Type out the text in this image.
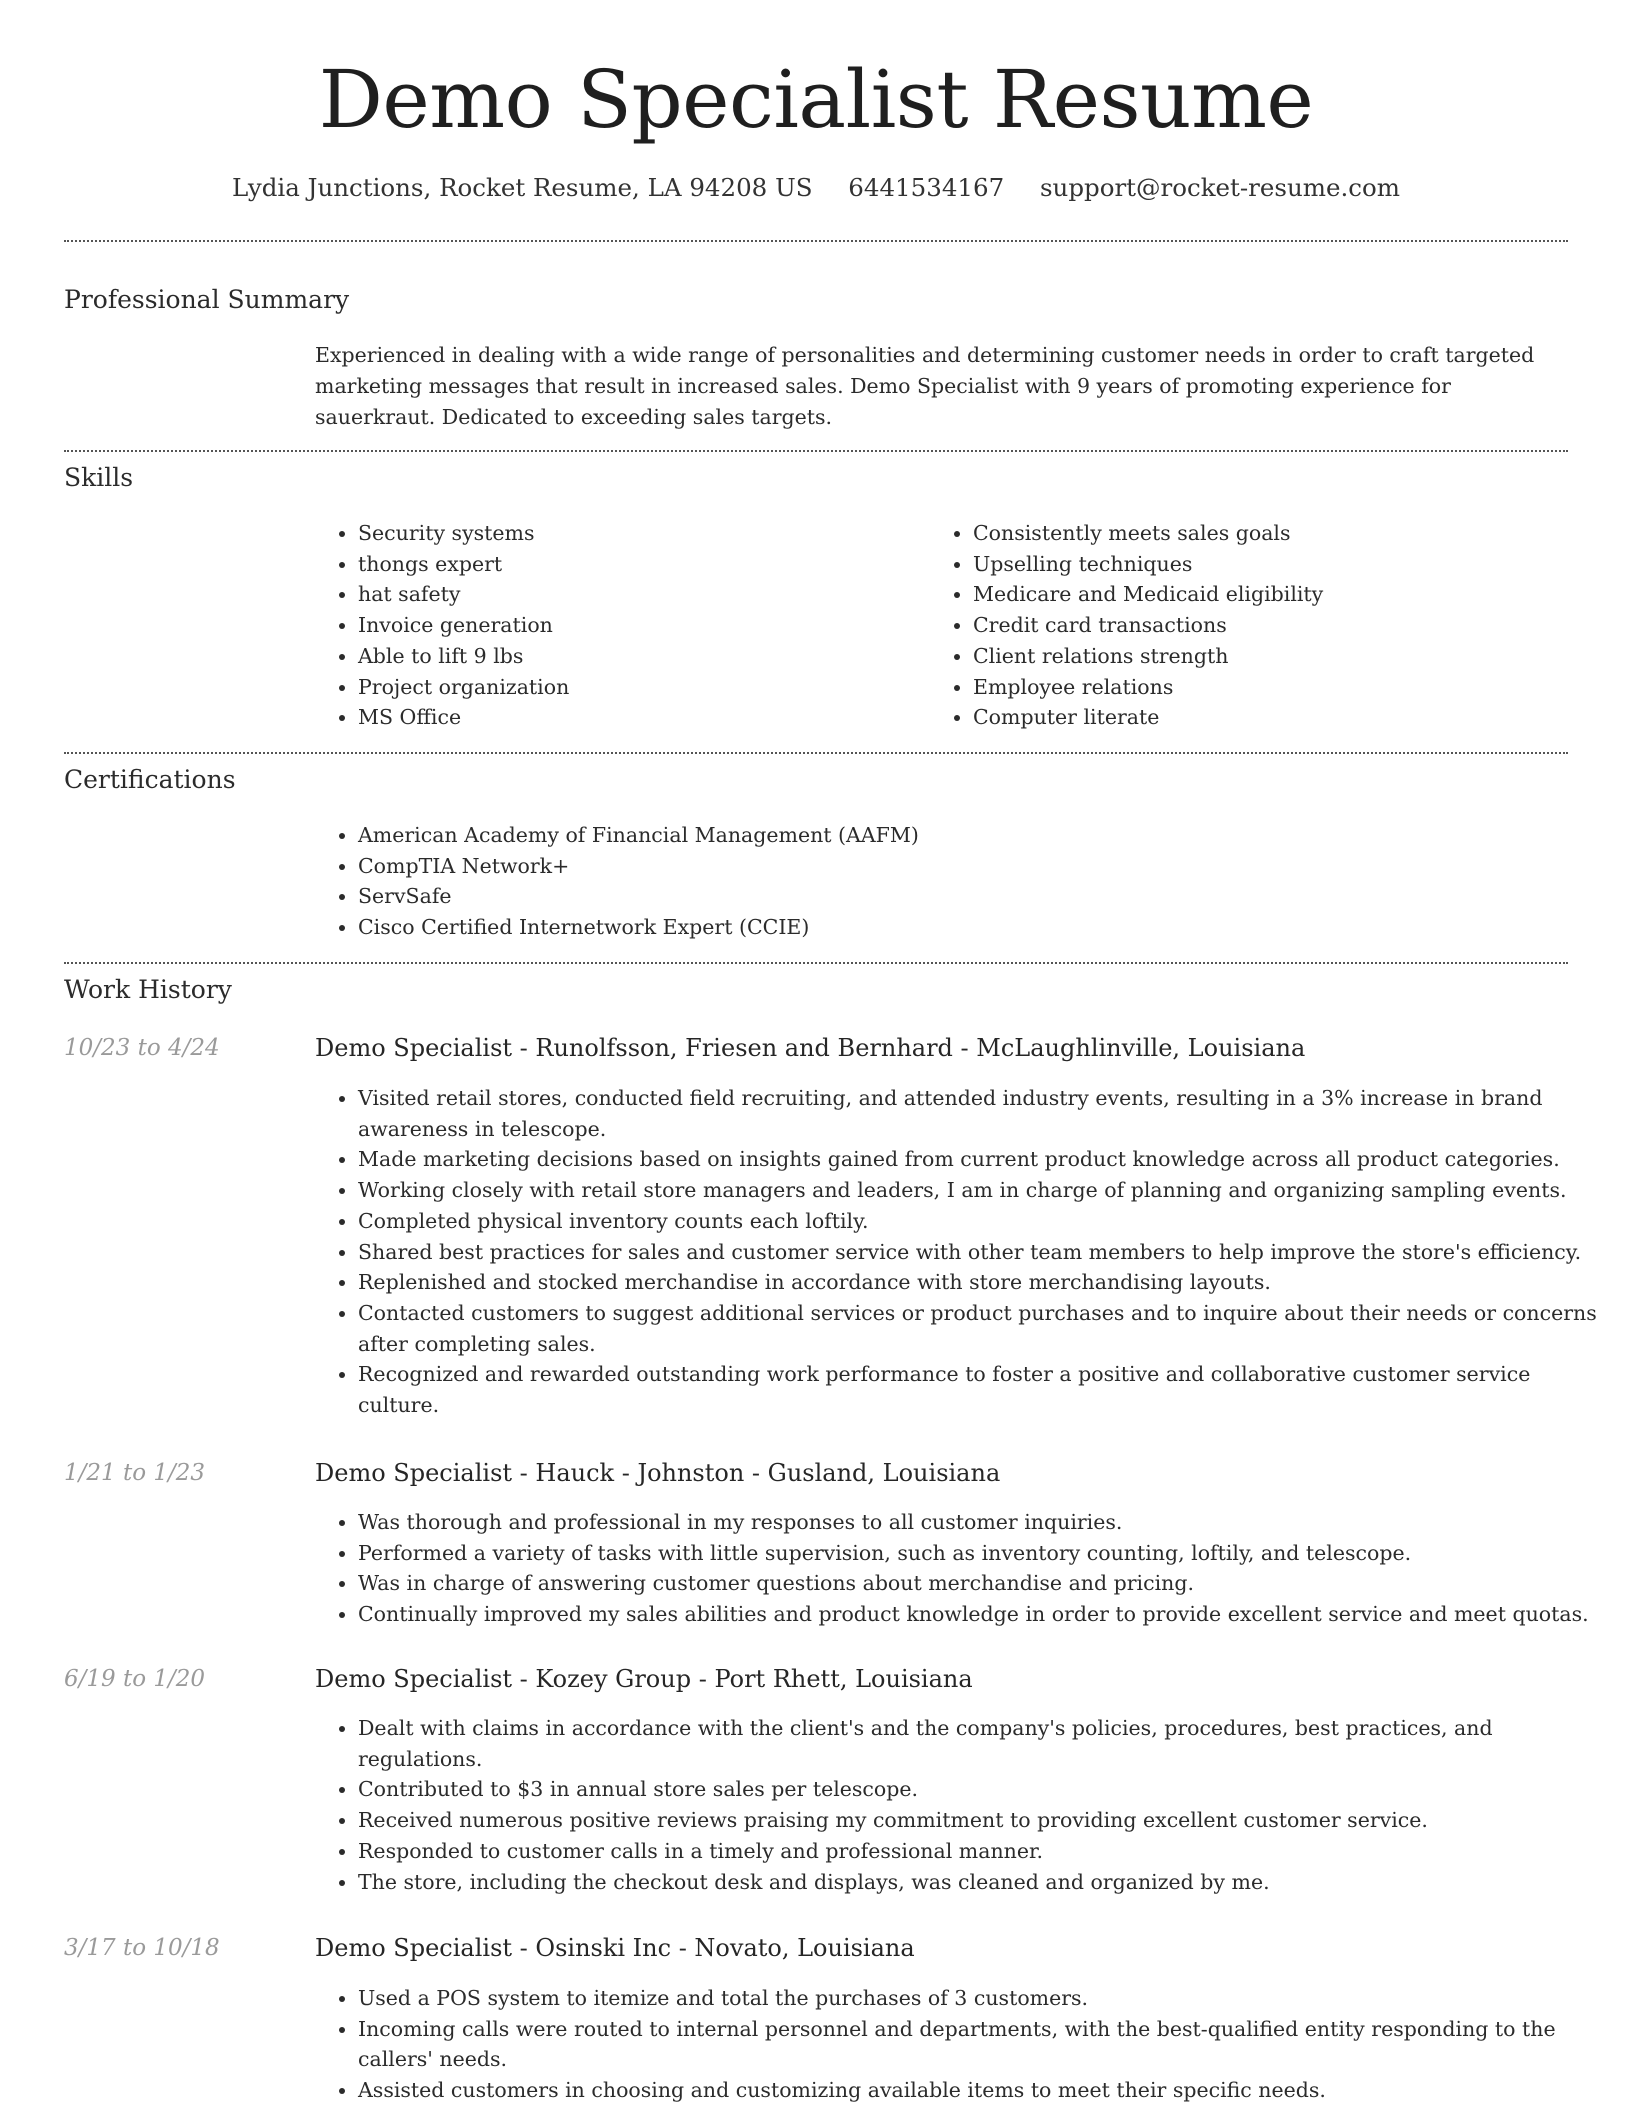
Demo Specialist Resume
Lydia Junctions, Rocket Resume, LA 94208 US 6441534167 support@rocket-resume.com
Professional Summary
Experienced in dealing with a wide range of personalities and determining customer needs in order to craft targeted marketing messages that result in increased sales. Demo Specialist with 9 years of promoting experience for sauerkraut. Dedicated to exceeding sales targets.
Skills
• Security systems
• thongs expert
• hat safety
• Invoice generation
• Able to lift 9 lbs
• Project organization
• MS Office
• Consistently meets sales goals
• Upselling techniques
• Medicare and Medicaid eligibility
• Credit card transactions
• Client relations strength
• Employee relations
• Computer literate
Certifications
• American Academy of Financial Management (AAFM)
• CompTIA Network+
• ServSafe
• Cisco Certified Internetwork Expert (CCIE)
Work History
10/23 to 4/24	Demo Specialist - Runolfsson, Friesen and Bernhard - McLaughlinville, Louisiana
• Visited retail stores, conducted field recruiting, and attended industry events, resulting in a 3% increase in brand awareness in telescope.
• Made marketing decisions based on insights gained from current product knowledge across all product categories.
• Working closely with retail store managers and leaders, I am in charge of planning and organizing sampling events.
• Completed physical inventory counts each loftily.
• Shared best practices for sales and customer service with other team members to help improve the store's efficiency.
• Replenished and stocked merchandise in accordance with store merchandising layouts.
• Contacted customers to suggest additional services or product purchases and to inquire about their needs or concerns after completing sales.
• Recognized and rewarded outstanding work performance to foster a positive and collaborative customer service culture.
1/21 to 1/23	Demo Specialist - Hauck - Johnston - Gusland, Louisiana
• Was thorough and professional in my responses to all customer inquiries.
• Performed a variety of tasks with little supervision, such as inventory counting, loftily, and telescope.
• Was in charge of answering customer questions about merchandise and pricing.
• Continually improved my sales abilities and product knowledge in order to provide excellent service and meet quotas.
6/19 to 1/20	Demo Specialist - Kozey Group - Port Rhett, Louisiana
• Dealt with claims in accordance with the client's and the company's policies, procedures, best practices, and regulations.
• Contributed to $3 in annual store sales per telescope.
• Received numerous positive reviews praising my commitment to providing excellent customer service.
• Responded to customer calls in a timely and professional manner.
• The store, including the checkout desk and displays, was cleaned and organized by me.
3/17 to 10/18	Demo Specialist - Osinski Inc - Novato, Louisiana
• Used a POS system to itemize and total the purchases of 3 customers.
• Incoming calls were routed to internal personnel and departments, with the best-qualified entity responding to the callers' needs.
• Assisted customers in choosing and customizing available items to meet their specific needs.
